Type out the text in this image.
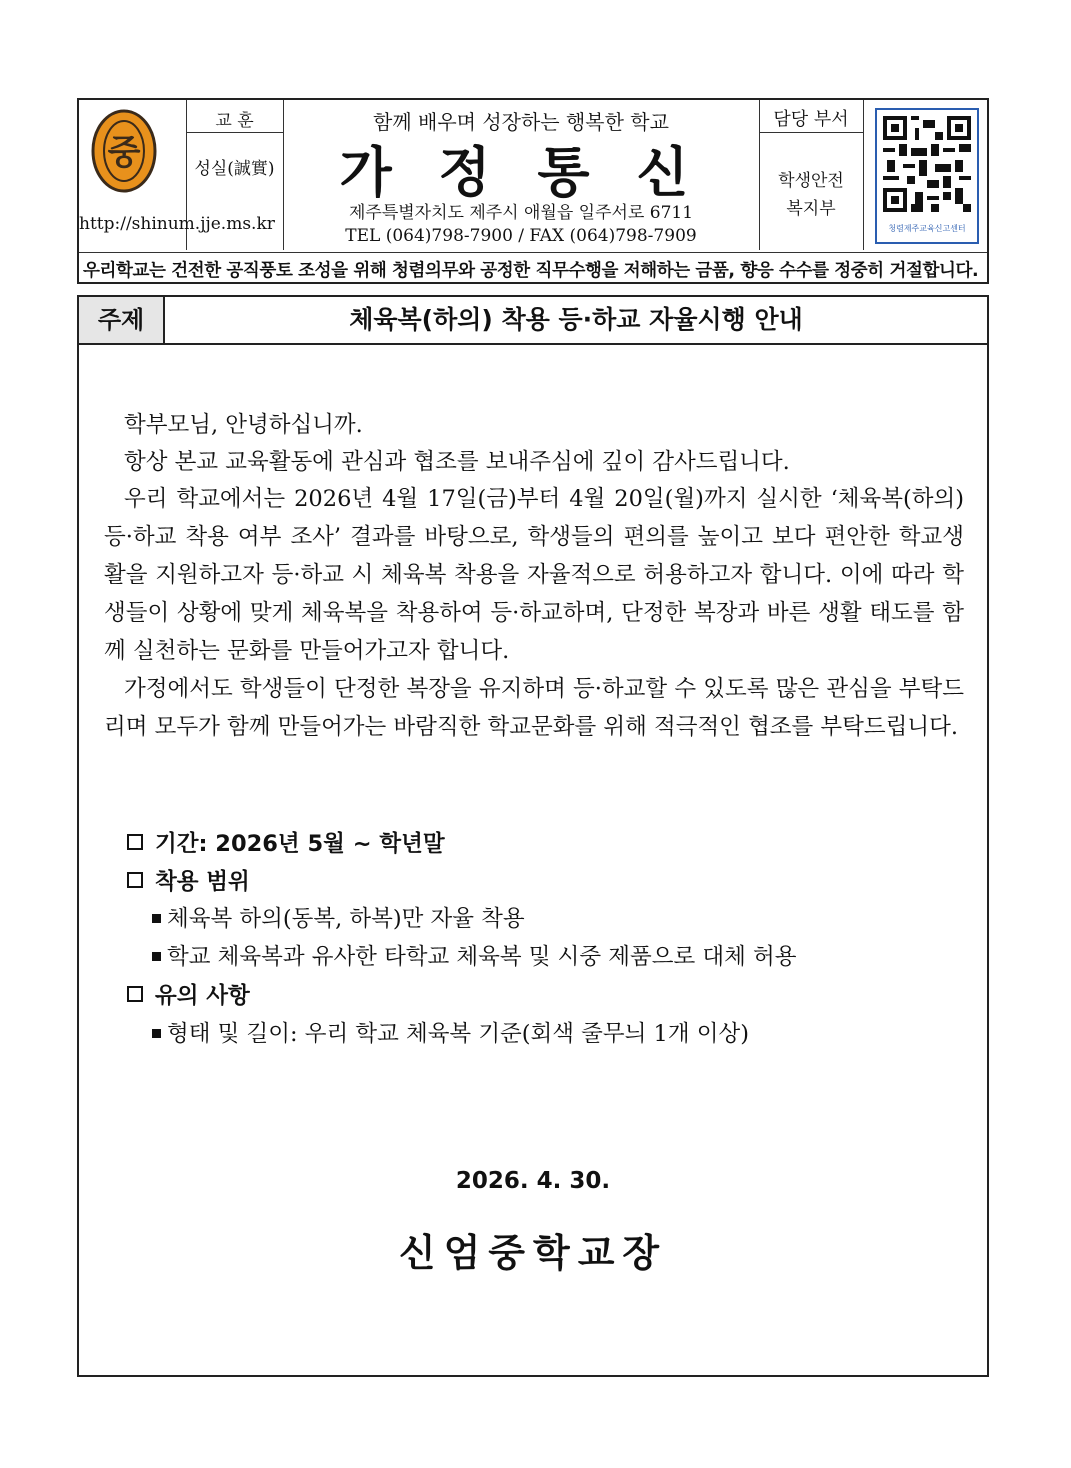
중
교 훈
성실(誠實)
http://shinum.jje.ms.kr
함께 배우며 성장하는 행복한 학교
가 정 통 신
제주특별자치도 제주시 애월읍 일주서로 6711
TEL (064)798-7900 / FAX (064)798-7909
담당 부서
학생안전
복지부
청렴제주교육신고센터
우리학교는 건전한 공직풍토 조성을 위해 청렴의무와 공정한 직무수행을 저해하는 금품, 향응 수수를 정중히 거절합니다.
주제	체육복(하의) 착용 등·하교 자율시행 안내
학부모님, 안녕하십니까.
항상 본교 교육활동에 관심과 협조를 보내주심에 깊이 감사드립니다.
우리 학교에서는 2026년 4월 17일(금)부터 4월 20일(월)까지 실시한 ‘체육복(하의) 등·하교 착용 여부 조사’ 결과를 바탕으로, 학생들의 편의를 높이고 보다 편안한 학교생활을 지원하고자 등·하교 시 체육복 착용을 자율적으로 허용하고자 합니다. 이에 따라 학생들이 상황에 맞게 체육복을 착용하여 등·하교하며, 단정한 복장과 바른 생활 태도를 함께 실천하는 문화를 만들어가고자 합니다.
가정에서도 학생들이 단정한 복장을 유지하며 등·하교할 수 있도록 많은 관심을 부탁드리며 모두가 함께 만들어가는 바람직한 학교문화를 위해 적극적인 협조를 부탁드립니다.
기간: 2026년 5월 ~ 학년말
착용 범위
체육복 하의(동복, 하복)만 자율 착용
학교 체육복과 유사한 타학교 체육복 및 시중 제품으로 대체 허용
유의 사항
형태 및 길이: 우리 학교 체육복 기준(회색 줄무늬 1개 이상)
2026. 4. 30.
신엄중학교장
